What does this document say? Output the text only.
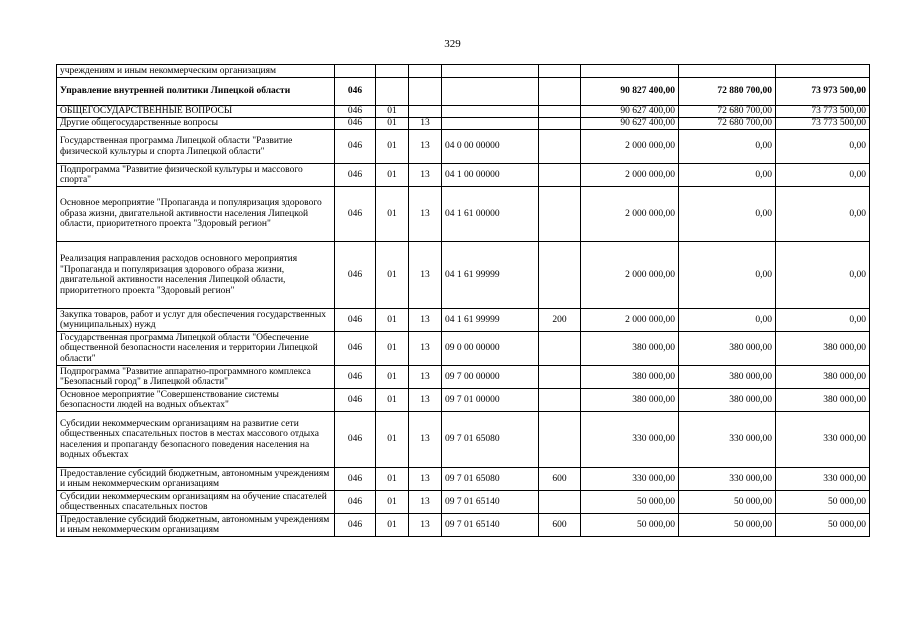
329
учреждениям и иным некоммерческим организациям								
Управление внутренней политики Липецкой области	046					90 827 400,00	72 880 700,00	73 973 500,00
ОБЩЕГОСУДАРСТВЕННЫЕ ВОПРОСЫ	046	01				90 627 400,00	72 680 700,00	73 773 500,00
Другие общегосударственные вопросы	046	01	13			90 627 400,00	72 680 700,00	73 773 500,00
Государственная программа Липецкой области "Развитие физической культуры и спорта Липецкой области"	046	01	13	04 0 00 00000		2 000 000,00	0,00	0,00
Подпрограмма "Развитие физической культуры и массового спорта"	046	01	13	04 1 00 00000		2 000 000,00	0,00	0,00
Основное мероприятие "Пропаганда и популяризация здорового образа жизни, двигательной активности населения Липецкой области, приоритетного проекта "Здоровый регион"	046	01	13	04 1 61 00000		2 000 000,00	0,00	0,00
Реализация направления расходов основного мероприятия "Пропаганда и популяризация здорового образа жизни, двигательной активности населения Липецкой области, приоритетного проекта "Здоровый регион"	046	01	13	04 1 61 99999		2 000 000,00	0,00	0,00
Закупка товаров, работ и услуг для обеспечения государственных (муниципальных) нужд	046	01	13	04 1 61 99999	200	2 000 000,00	0,00	0,00
Государственная программа Липецкой области "Обеспечение общественной безопасности населения и территории Липецкой области"	046	01	13	09 0 00 00000		380 000,00	380 000,00	380 000,00
Подпрограмма "Развитие аппаратно-программного комплекса "Безопасный город" в Липецкой области"	046	01	13	09 7 00 00000		380 000,00	380 000,00	380 000,00
Основное мероприятие "Совершенствование системы безопасности людей на водных объектах"	046	01	13	09 7 01 00000		380 000,00	380 000,00	380 000,00
Субсидии некоммерческим организациям на развитие сети общественных спасательных постов в местах массового отдыха населения и пропаганду безопасного поведения населения на водных объектах	046	01	13	09 7 01 65080		330 000,00	330 000,00	330 000,00
Предоставление субсидий бюджетным, автономным учреждениям и иным некоммерческим организациям	046	01	13	09 7 01 65080	600	330 000,00	330 000,00	330 000,00
Субсидии некоммерческим организациям на обучение спасателей общественных спасательных постов	046	01	13	09 7 01 65140		50 000,00	50 000,00	50 000,00
Предоставление субсидий бюджетным, автономным учреждениям и иным некоммерческим организациям	046	01	13	09 7 01 65140	600	50 000,00	50 000,00	50 000,00
